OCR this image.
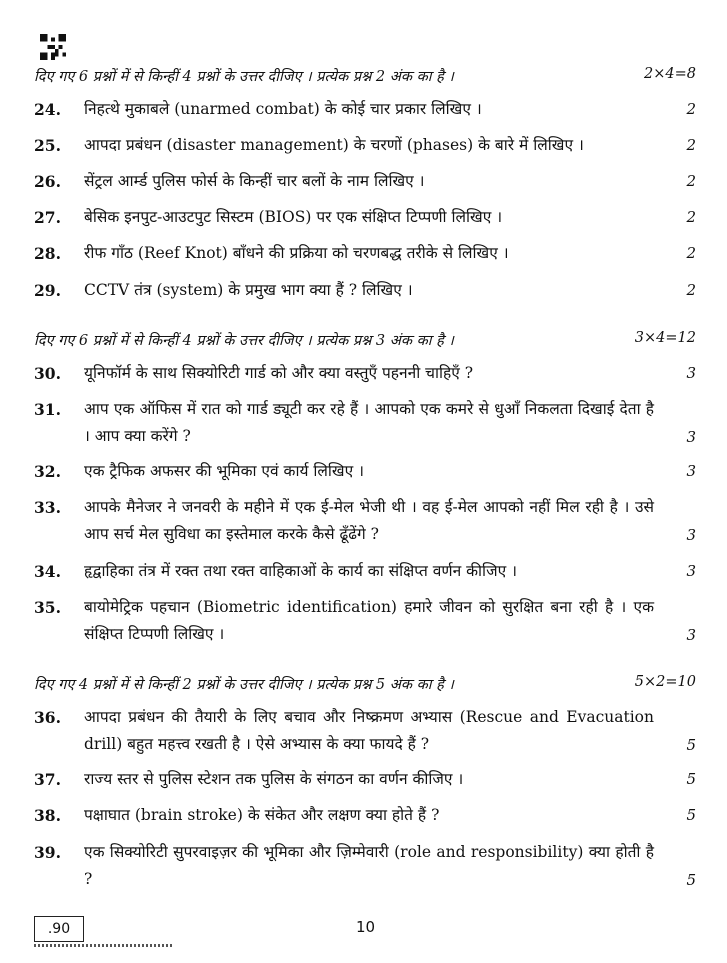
दिए गए 6 प्रश्नों में से किन्हीं 4 प्रश्नों के उत्तर दीजिए । प्रत्येक प्रश्न 2 अंक का है ।	2×4=8
24. निहत्थे मुकाबले (unarmed combat) के कोई चार प्रकार लिखिए ।	2
25. आपदा प्रबंधन (disaster management) के चरणों (phases) के बारे में लिखिए ।	2
26. सेंट्रल आर्म्ड पुलिस फोर्स के किन्हीं चार बलों के नाम लिखिए ।	2
27. बेसिक इनपुट-आउटपुट सिस्टम (BIOS) पर एक संक्षिप्त टिप्पणी लिखिए ।	2
28. रीफ गाँठ (Reef Knot) बाँधने की प्रक्रिया को चरणबद्ध तरीके से लिखिए ।	2
29. CCTV तंत्र (system) के प्रमुख भाग क्या हैं ? लिखिए ।	2
दिए गए 6 प्रश्नों में से किन्हीं 4 प्रश्नों के उत्तर दीजिए । प्रत्येक प्रश्न 3 अंक का है ।	3×4=12
30. यूनिफॉर्म के साथ सिक्योरिटी गार्ड को और क्या वस्तुएँ पहननी चाहिएँ ?	3
31. आप एक ऑफिस में रात को गार्ड ड्यूटी कर रहे हैं । आपको एक कमरे से धुआँ निकलता दिखाई देता है । आप क्या करेंगे ?	3
32. एक ट्रैफिक अफसर की भूमिका एवं कार्य लिखिए ।	3
33. आपके मैनेजर ने जनवरी के महीने में एक ई-मेल भेजी थी । वह ई-मेल आपको नहीं मिल रही है । उसे आप सर्च मेल सुविधा का इस्तेमाल करके कैसे ढूँढेंगे ?	3
34. हृद्वाहिका तंत्र में रक्त तथा रक्त वाहिकाओं के कार्य का संक्षिप्त वर्णन कीजिए ।	3
35. बायोमेट्रिक पहचान (Biometric identification) हमारे जीवन को सुरक्षित बना रही है । एक संक्षिप्त टिप्पणी लिखिए ।	3
दिए गए 4 प्रश्नों में से किन्हीं 2 प्रश्नों के उत्तर दीजिए । प्रत्येक प्रश्न 5 अंक का है ।	5×2=10
36. आपदा प्रबंधन की तैयारी के लिए बचाव और निष्क्रमण अभ्यास (Rescue and Evacuation drill) बहुत महत्त्व रखती है । ऐसे अभ्यास के क्या फायदे हैं ?	5
37. राज्य स्तर से पुलिस स्टेशन तक पुलिस के संगठन का वर्णन कीजिए ।	5
38. पक्षाघात (brain stroke) के संकेत और लक्षण क्या होते हैं ?	5
39. एक सिक्योरिटी सुपरवाइज़र की भूमिका और ज़िम्मेवारी (role and responsibility) क्या होती है ?	5
.90	10
